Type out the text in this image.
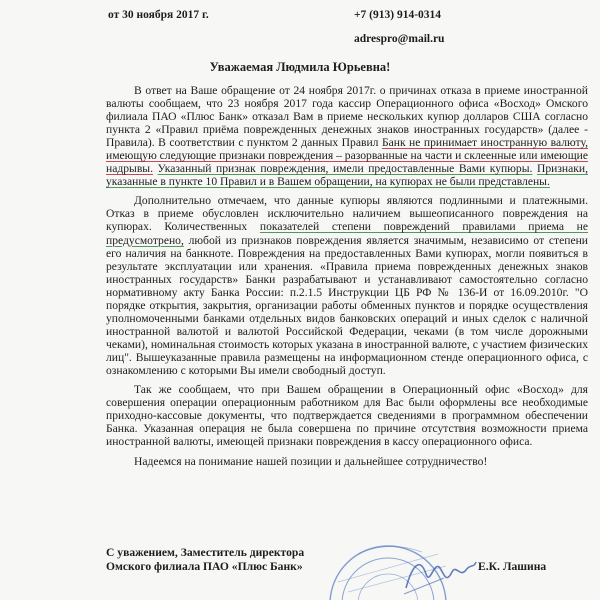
от 30 ноября 2017 г.	+7 (913) 914-0314
adrespro@mail.ru
Уважаемая Людмила Юрьевна!

В ответ на Ваше обращение от 24 ноября 2017г. о причинах отказа в приеме иностранной валюты сообщаем, что 23 ноября 2017 года кассир Операционного офиса «Восход» Омского филиала ПАО «Плюс Банк» отказал Вам в приеме нескольких купюр долларов США согласно пункта 2 «Правил приёма поврежденных денежных знаков иностранных государств» (далее - Правила). В соответствии с пунктом 2 данных Правил Банк не принимает иностранную валюту, имеющую следующие признаки повреждения – разорванные на части и склеенные или имеющие надрывы. Указанный признак повреждения, имели предоставленные Вами купюры. Признаки, указанные в пункте 10 Правил и в Вашем обращении, на купюрах не были представлены.

Дополнительно отмечаем, что данные купюры являются подлинными и платежными. Отказ в приеме обусловлен исключительно наличием вышеописанного повреждения на купюрах. Количественных показателей степени повреждений правилами приема не предусмотрено, любой из признаков повреждения является значимым, независимо от степени его наличия на банкноте. Повреждения на предоставленных Вами купюрах, могли появиться в результате эксплуатации или хранения. «Правила приема поврежденных денежных знаков иностранных государств» Банки разрабатывают и устанавливают самостоятельно согласно нормативному акту Банка России: п.2.1.5 Инструкции ЦБ РФ № 136-И от 16.09.2010г. "О порядке открытия, закрытия, организации работы обменных пунктов и порядке осуществления уполномоченными банками отдельных видов банковских операций и иных сделок с наличной иностранной валютой и валютой Российской Федерации, чеками (в том числе дорожными чеками), номинальная стоимость которых указана в иностранной валюте, с участием физических лиц". Вышеуказанные правила размещены на информационном стенде операционного офиса, с ознакомлению с которыми Вы имели свободный доступ.

Так же сообщаем, что при Вашем обращении в Операционный офис «Восход» для совершения операции операционным работником для Вас были оформлены все необходимые приходно-кассовые документы, что подтверждается сведениями в программном обеспечении Банка. Указанная операция не была совершена по причине отсутствия возможности приема иностранной валюты, имеющей признаки повреждения в кассу операционного офиса.

Надеемся на понимание нашей позиции и дальнейшее сотрудничество!

С уважением, Заместитель директора
Омского филиала ПАО «Плюс Банк»	Е.К. Лашина
